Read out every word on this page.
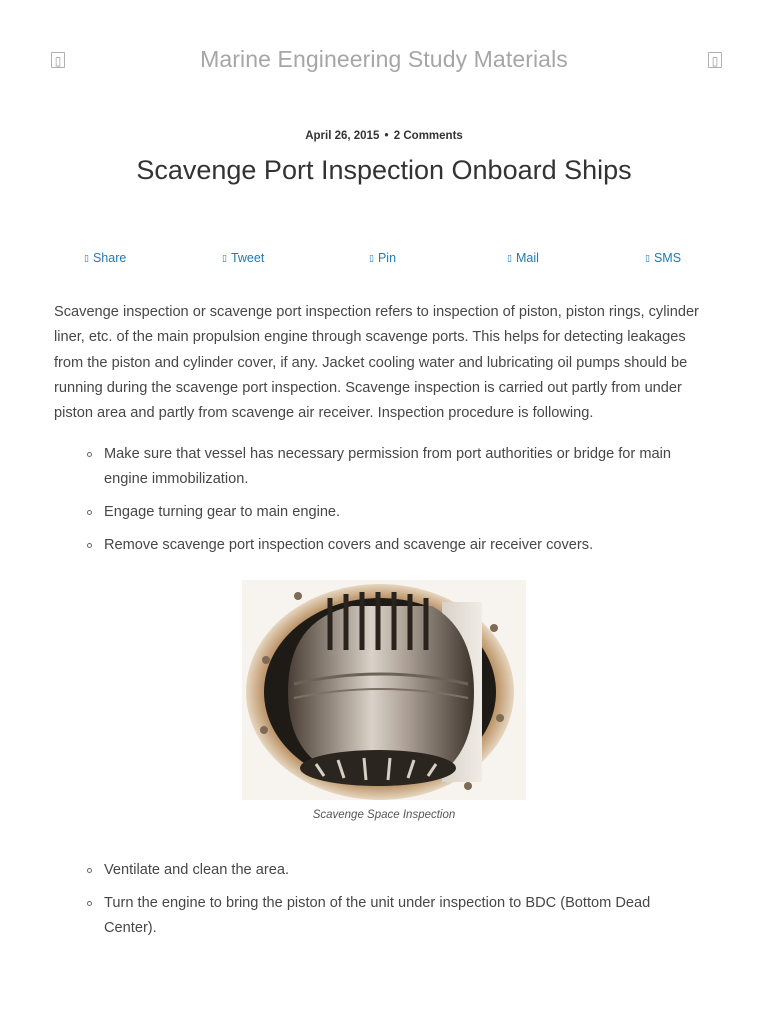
▯	Marine Engineering Study Materials	▯
April 26, 2015 • 2 Comments
Scavenge Port Inspection Onboard Ships
▯ Share	▯ Tweet	▯ Pin	▯ Mail	▯ SMS

Scavenge inspection or scavenge port inspection refers to inspection of piston, piston rings, cylinder liner, etc. of the main propulsion engine through scavenge ports. This helps for detecting leakages from the piston and cylinder cover, if any. Jacket cooling water and lubricating oil pumps should be running during the scavenge port inspection. Scavenge inspection is carried out partly from under piston area and partly from scavenge air receiver. Inspection procedure is following.

Make sure that vessel has necessary permission from port authorities or bridge for main engine immobilization.
Engage turning gear to main engine.
Remove scavenge port inspection covers and scavenge air receiver covers.
Scavenge Space Inspection
Ventilate and clean the area.
Turn the engine to bring the piston of the unit under inspection to BDC (Bottom Dead Center).
